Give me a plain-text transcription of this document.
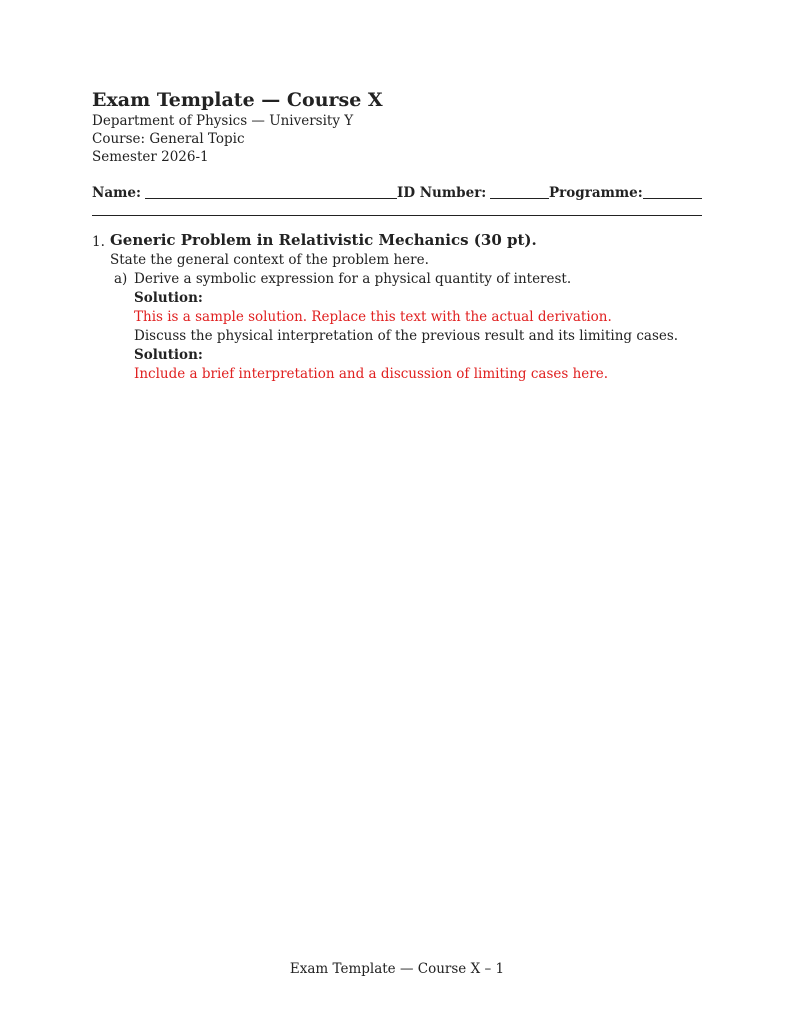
Exam Template — Course X
Department of Physics — University Y
Course: General Topic
Semester 2026-1
Name:	ID Number:	Programme:
1. Generic Problem in Relativistic Mechanics (30 pt).
State the general context of the problem here.
a) Derive a symbolic expression for a physical quantity of interest.
Solution:
This is a sample solution. Replace this text with the actual derivation.
Discuss the physical interpretation of the previous result and its limiting cases.
Solution:
Include a brief interpretation and a discussion of limiting cases here.
Exam Template — Course X – 1
